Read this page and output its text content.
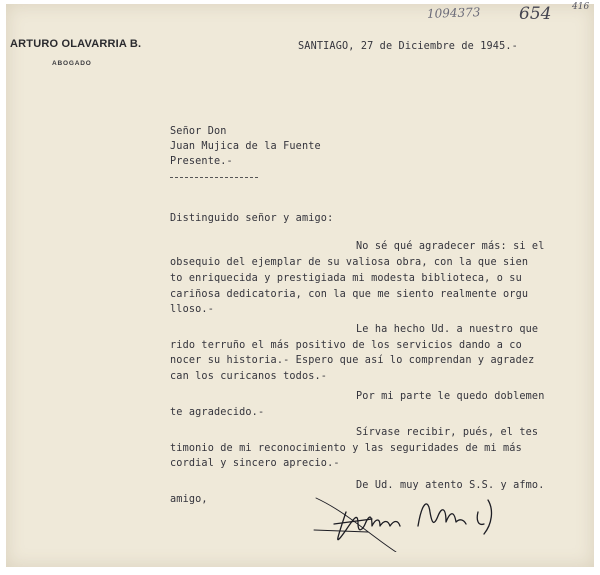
ARTURO OLAVARRIA B.
ABOGADO
1094373 654 416
SANTIAGO, 27 de Diciembre de 1945.-
Señor Don
Juan Mujica de la Fuente
Presente.-
Distinguido señor y amigo:
No sé qué agradecer más: si el
obsequio del ejemplar de su valiosa obra, con la que sien
to enriquecida y prestigiada mi modesta biblioteca, o su
cariñosa dedicatoria, con la que me siento realmente orgu
lloso.-
Le ha hecho Ud. a nuestro que
rido terruño el más positivo de los servicios dando a co
nocer su historia.- Espero que así lo comprendan y agradez
can los curicanos todos.-
Por mi parte le quedo doblemen
te agradecido.-
Sírvase recibir, pués, el tes
timonio de mi reconocimiento y las seguridades de mi más
cordial y sincero aprecio.-
De Ud. muy atento S.S. y afmo.
amigo,
